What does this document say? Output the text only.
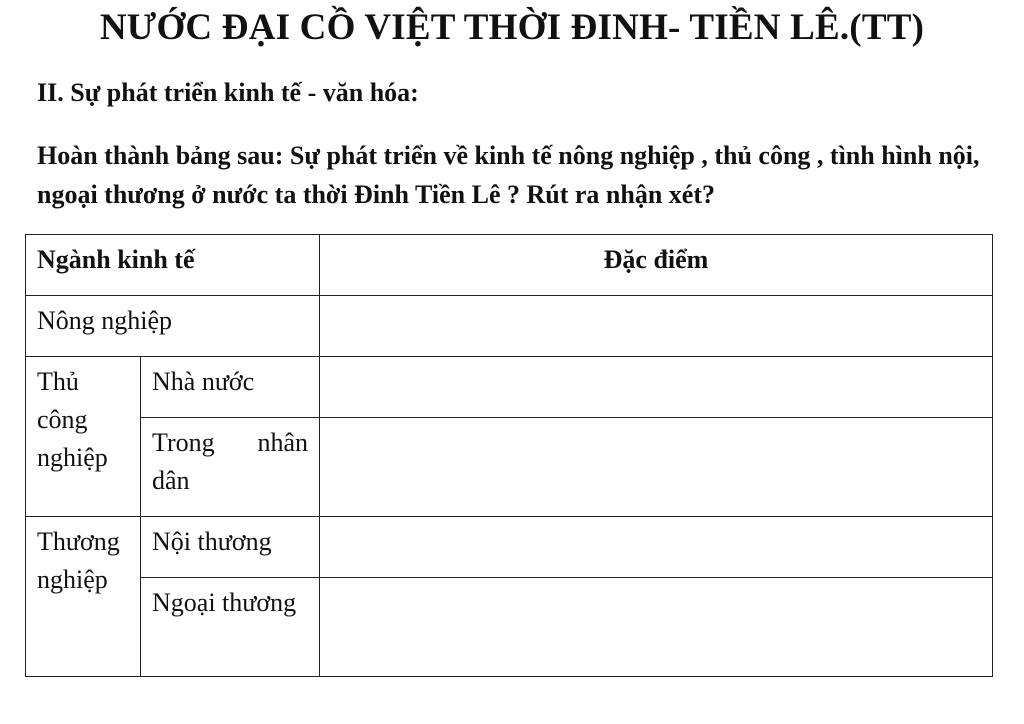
NƯỚC ĐẠI CỒ VIỆT THỜI ĐINH- TIỀN LÊ.(TT)
II. Sự phát triển kinh tế - văn hóa:
Hoàn thành bảng sau: Sự phát triển về kinh tế nông nghiệp , thủ công , tình hình nội, ngoại thương ở nước ta thời Đinh Tiền Lê ? Rút ra nhận xét?
Ngành kinh tế		Đặc điểm
Nông nghiệp		
Thủ công nghiệp	Nhà nước	

	Trong nhân
dân	

Thương nghiệp	Nội thương	
	Ngoại thương	
